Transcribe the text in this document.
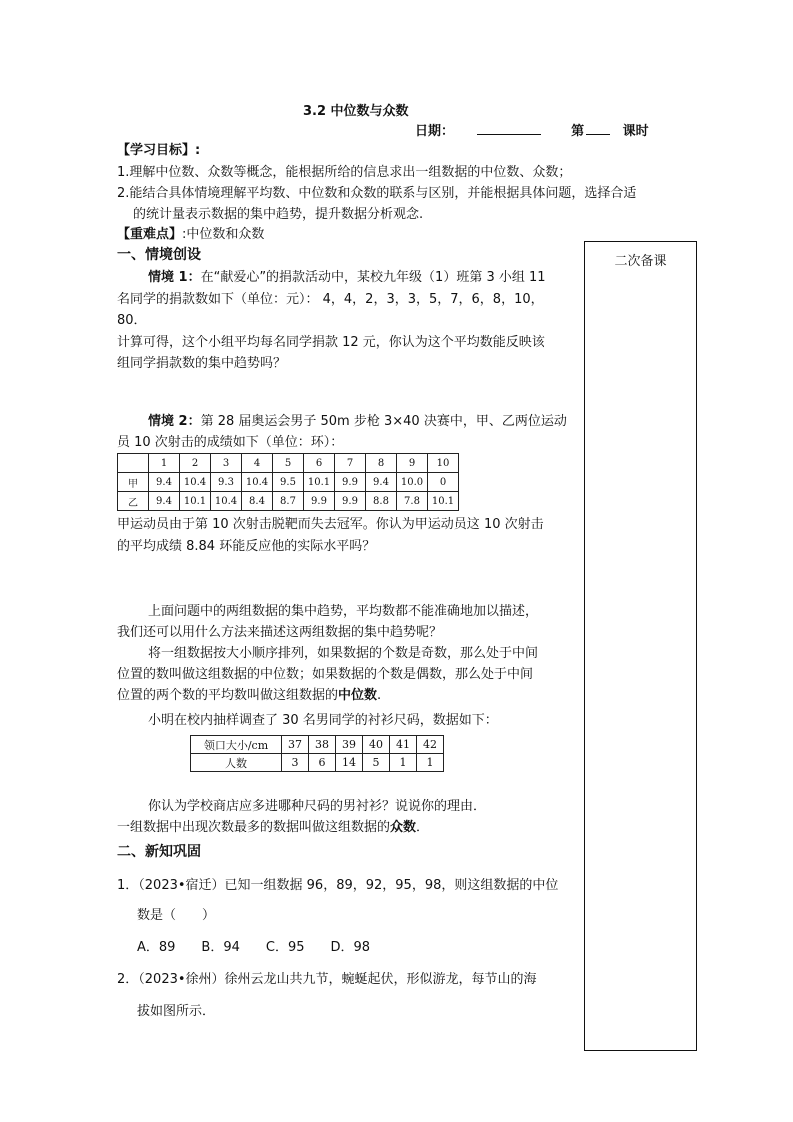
3.2 中位数与众数
日期：	第	课时
【学习目标】:
1.理解中位数、众数等概念，能根据所给的信息求出一组数据的中位数、众数；
2.能结合具体情境理解平均数、中位数和众数的联系与区别，并能根据具体问题，选择合适
的统计量表示数据的集中趋势，提升数据分析观念.
【重难点】:中位数和众数
二次备课
一、情境创设
情境 1：在“献爱心”的捐款活动中，某校九年级（1）班第 3 小组 11
名同学的捐款数如下（单位：元）： 4，4，2，3，3，5，7，6，8，10，
80．
计算可得，这个小组平均每名同学捐款 12 元，你认为这个平均数能反映该
组同学捐款数的集中趋势吗？
情境 2：第 28 届奥运会男子 50m 步枪 3×40 决赛中，甲、乙两位运动
员 10 次射击的成绩如下（单位：环）：
	1	2	3	4	5	6	7	8	9	10
甲	9.4	10.4	9.3	10.4	9.5	10.1	9.9	9.4	10.0	0
乙	9.4	10.1	10.4	8.4	8.7	9.9	9.9	8.8	7.8	10.1
甲运动员由于第 10 次射击脱靶而失去冠军。你认为甲运动员这 10 次射击
的平均成绩 8.84 环能反应他的实际水平吗？
上面问题中的两组数据的集中趋势，平均数都不能准确地加以描述，
我们还可以用什么方法来描述这两组数据的集中趋势呢？
将一组数据按大小顺序排列，如果数据的个数是奇数，那么处于中间
位置的数叫做这组数据的中位数；如果数据的个数是偶数，那么处于中间
位置的两个数的平均数叫做这组数据的中位数.
小明在校内抽样调查了 30 名男同学的衬衫尺码，数据如下：
领口大小/cm	37	38	39	40	41	42
人数	3	6	14	5	1	1
你认为学校商店应多进哪种尺码的男衬衫？说说你的理由．
一组数据中出现次数最多的数据叫做这组数据的众数．
二、新知巩固
1．（2023•宿迁）已知一组数据 96，89，92，95，98，则这组数据的中位
数是（　　）
A．89　　B．94　　C．95　　D．98
2．（2023•徐州）徐州云龙山共九节，蜿蜒起伏，形似游龙，每节山的海
拔如图所示．
